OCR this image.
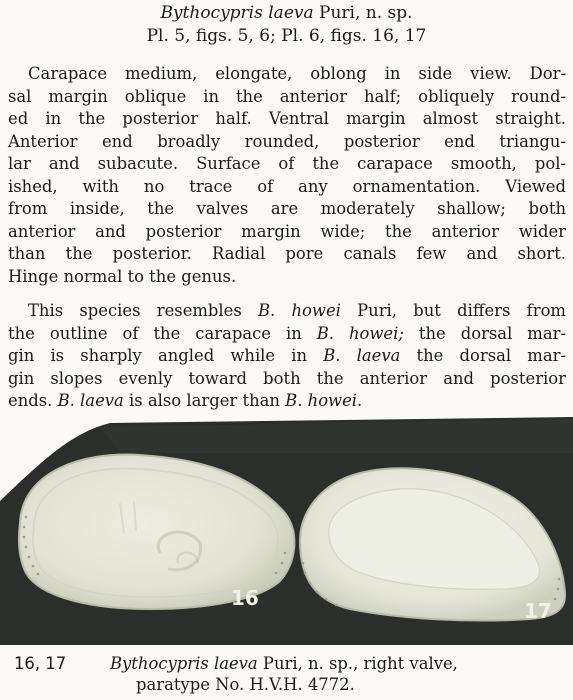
Bythocypris laeva Puri, n. sp.
Pl. 5, figs. 5, 6; Pl. 6, figs. 16, 17

Carapace medium, elongate, oblong in side view. Dor-
sal margin oblique in the anterior half; obliquely round-
ed in the posterior half. Ventral margin almost straight.
Anterior end broadly rounded, posterior end triangu-
lar and subacute. Surface of the carapace smooth, pol-
ished, with no trace of any ornamentation. Viewed
from inside, the valves are moderately shallow; both
anterior and posterior margin wide; the anterior wider
than the posterior. Radial pore canals few and short.
Hinge normal to the genus.

This species resembles B. howei Puri, but differs from
the outline of the carapace in B. howei; the dorsal mar-
gin is sharply angled while in B. laeva the dorsal mar-
gin slopes evenly toward both the anterior and posterior
ends. B. laeva is also larger than B. howei.

16
17
16, 17	Bythocypris laeva Puri, n. sp., right valve,
paratype No. H.V.H. 4772.
